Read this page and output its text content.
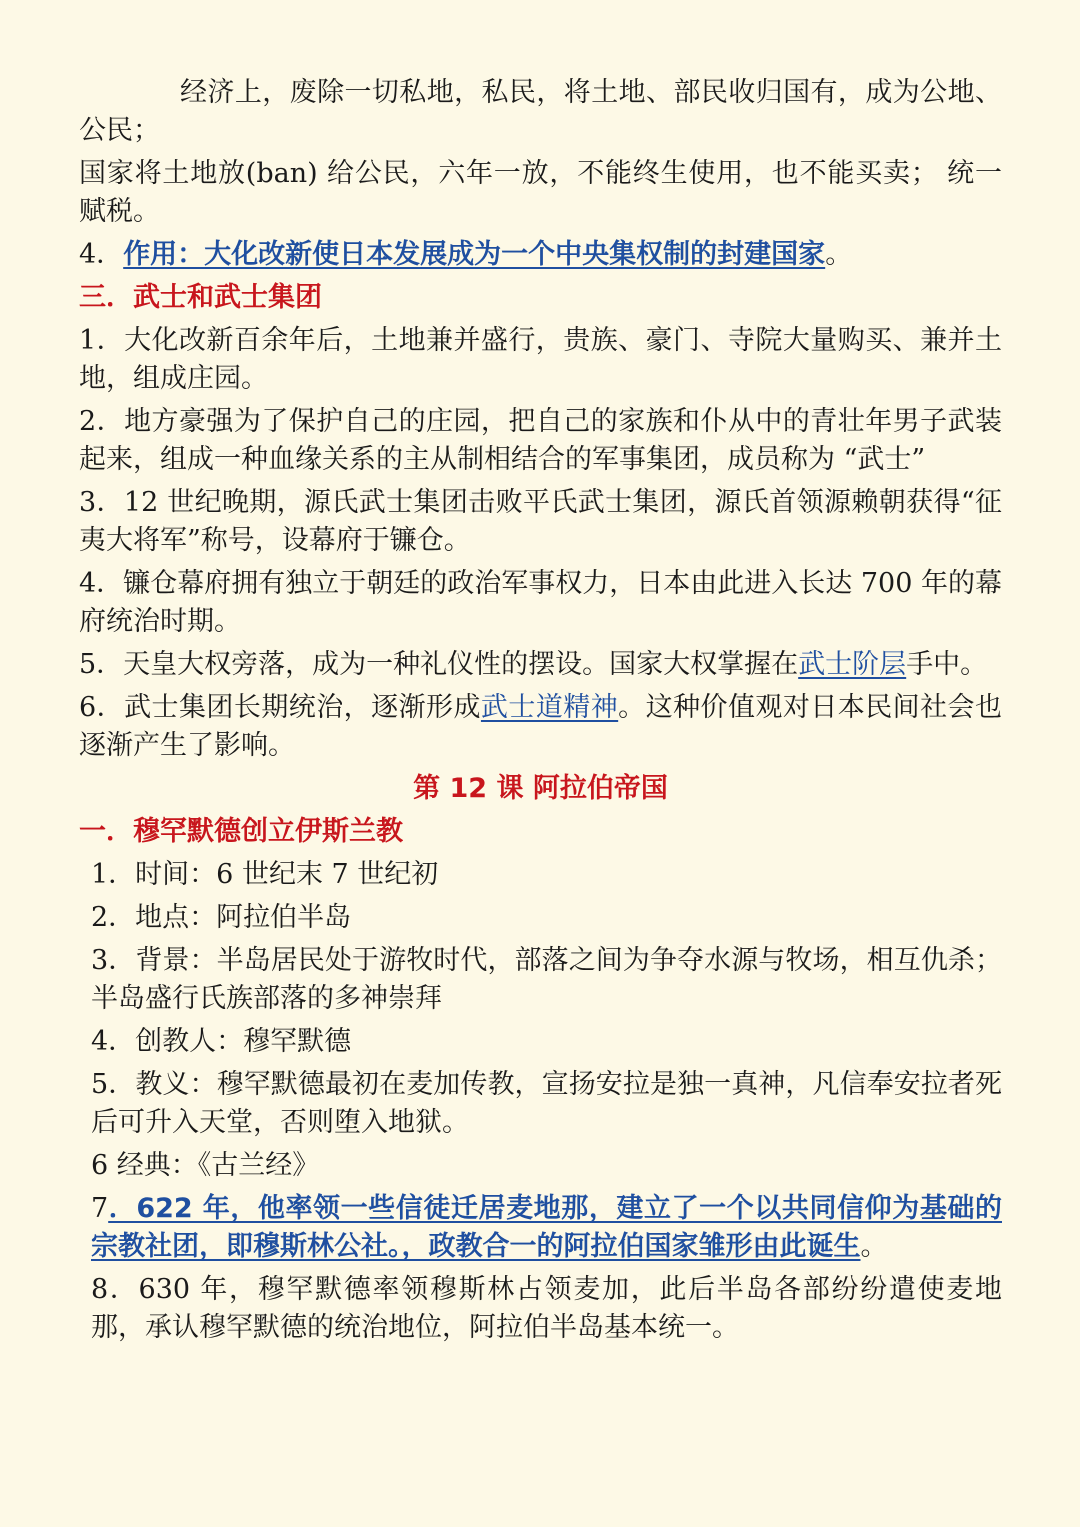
经济上，废除一切私地，私民，将土地、部民收归国有，成为公地、公民；

国家将土地放(ban) 给公民，六年一放，不能终生使用，也不能买卖； 统一赋税。

4．作用：大化改新使日本发展成为一个中央集权制的封建国家。

三．武士和武士集团

1．大化改新百余年后，土地兼并盛行，贵族、豪门、寺院大量购买、兼并土地，组成庄园。

2．地方豪强为了保护自己的庄园，把自己的家族和仆从中的青壮年男子武装起来，组成一种血缘关系的主从制相结合的军事集团，成员称为 “武士”

3．12 世纪晚期，源氏武士集团击败平氏武士集团，源氏首领源赖朝获得“征夷大将军”称号，设幕府于镰仓。

4．镰仓幕府拥有独立于朝廷的政治军事权力，日本由此进入长达 700 年的幕府统治时期。

5．天皇大权旁落，成为一种礼仪性的摆设。国家大权掌握在武士阶层手中。

6．武士集团长期统治，逐渐形成武士道精神。这种价值观对日本民间社会也逐渐产生了影响。

第 12 课 阿拉伯帝国
一．穆罕默德创立伊斯兰教

1．时间：6 世纪末 7 世纪初

2．地点：阿拉伯半岛

3．背景：半岛居民处于游牧时代，部落之间为争夺水源与牧场，相互仇杀；半岛盛行氏族部落的多神崇拜

4．创教人：穆罕默德

5．教义：穆罕默德最初在麦加传教，宣扬安拉是独一真神，凡信奉安拉者死后可升入天堂，否则堕入地狱。

6 经典：《古兰经》

7．622 年，他率领一些信徒迁居麦地那，建立了一个以共同信仰为基础的宗教社团，即穆斯林公社。，政教合一的阿拉伯国家雏形由此诞生。

8．630 年，穆罕默德率领穆斯林占领麦加，此后半岛各部纷纷遣使麦地那，承认穆罕默德的统治地位，阿拉伯半岛基本统一。
